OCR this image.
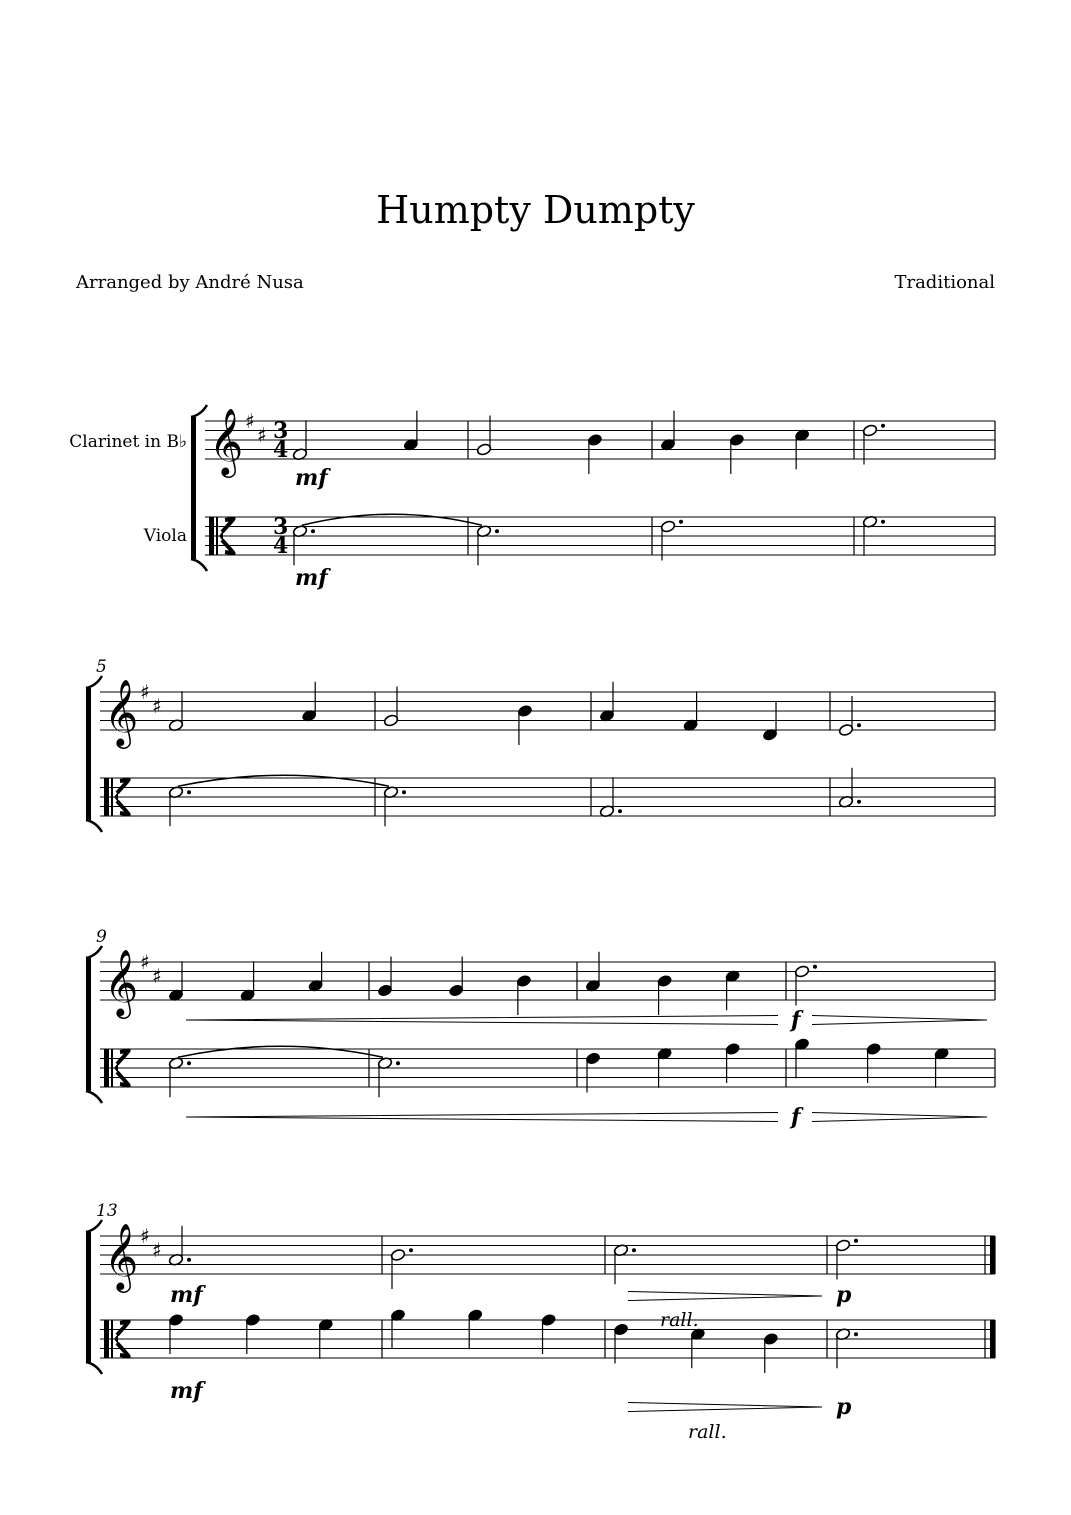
Humpty Dumpty
Arranged by André Nusa	Traditional
Clarinet in B♭
Viola
𝄞 ♯
♯ 3
4
3
4
𝄞 ♯
♯
5
𝄞 ♯
♯
9
𝄞 ♯
♯
13
mf
mf
f
f
mf
mf
p
rall.
p
rall.
